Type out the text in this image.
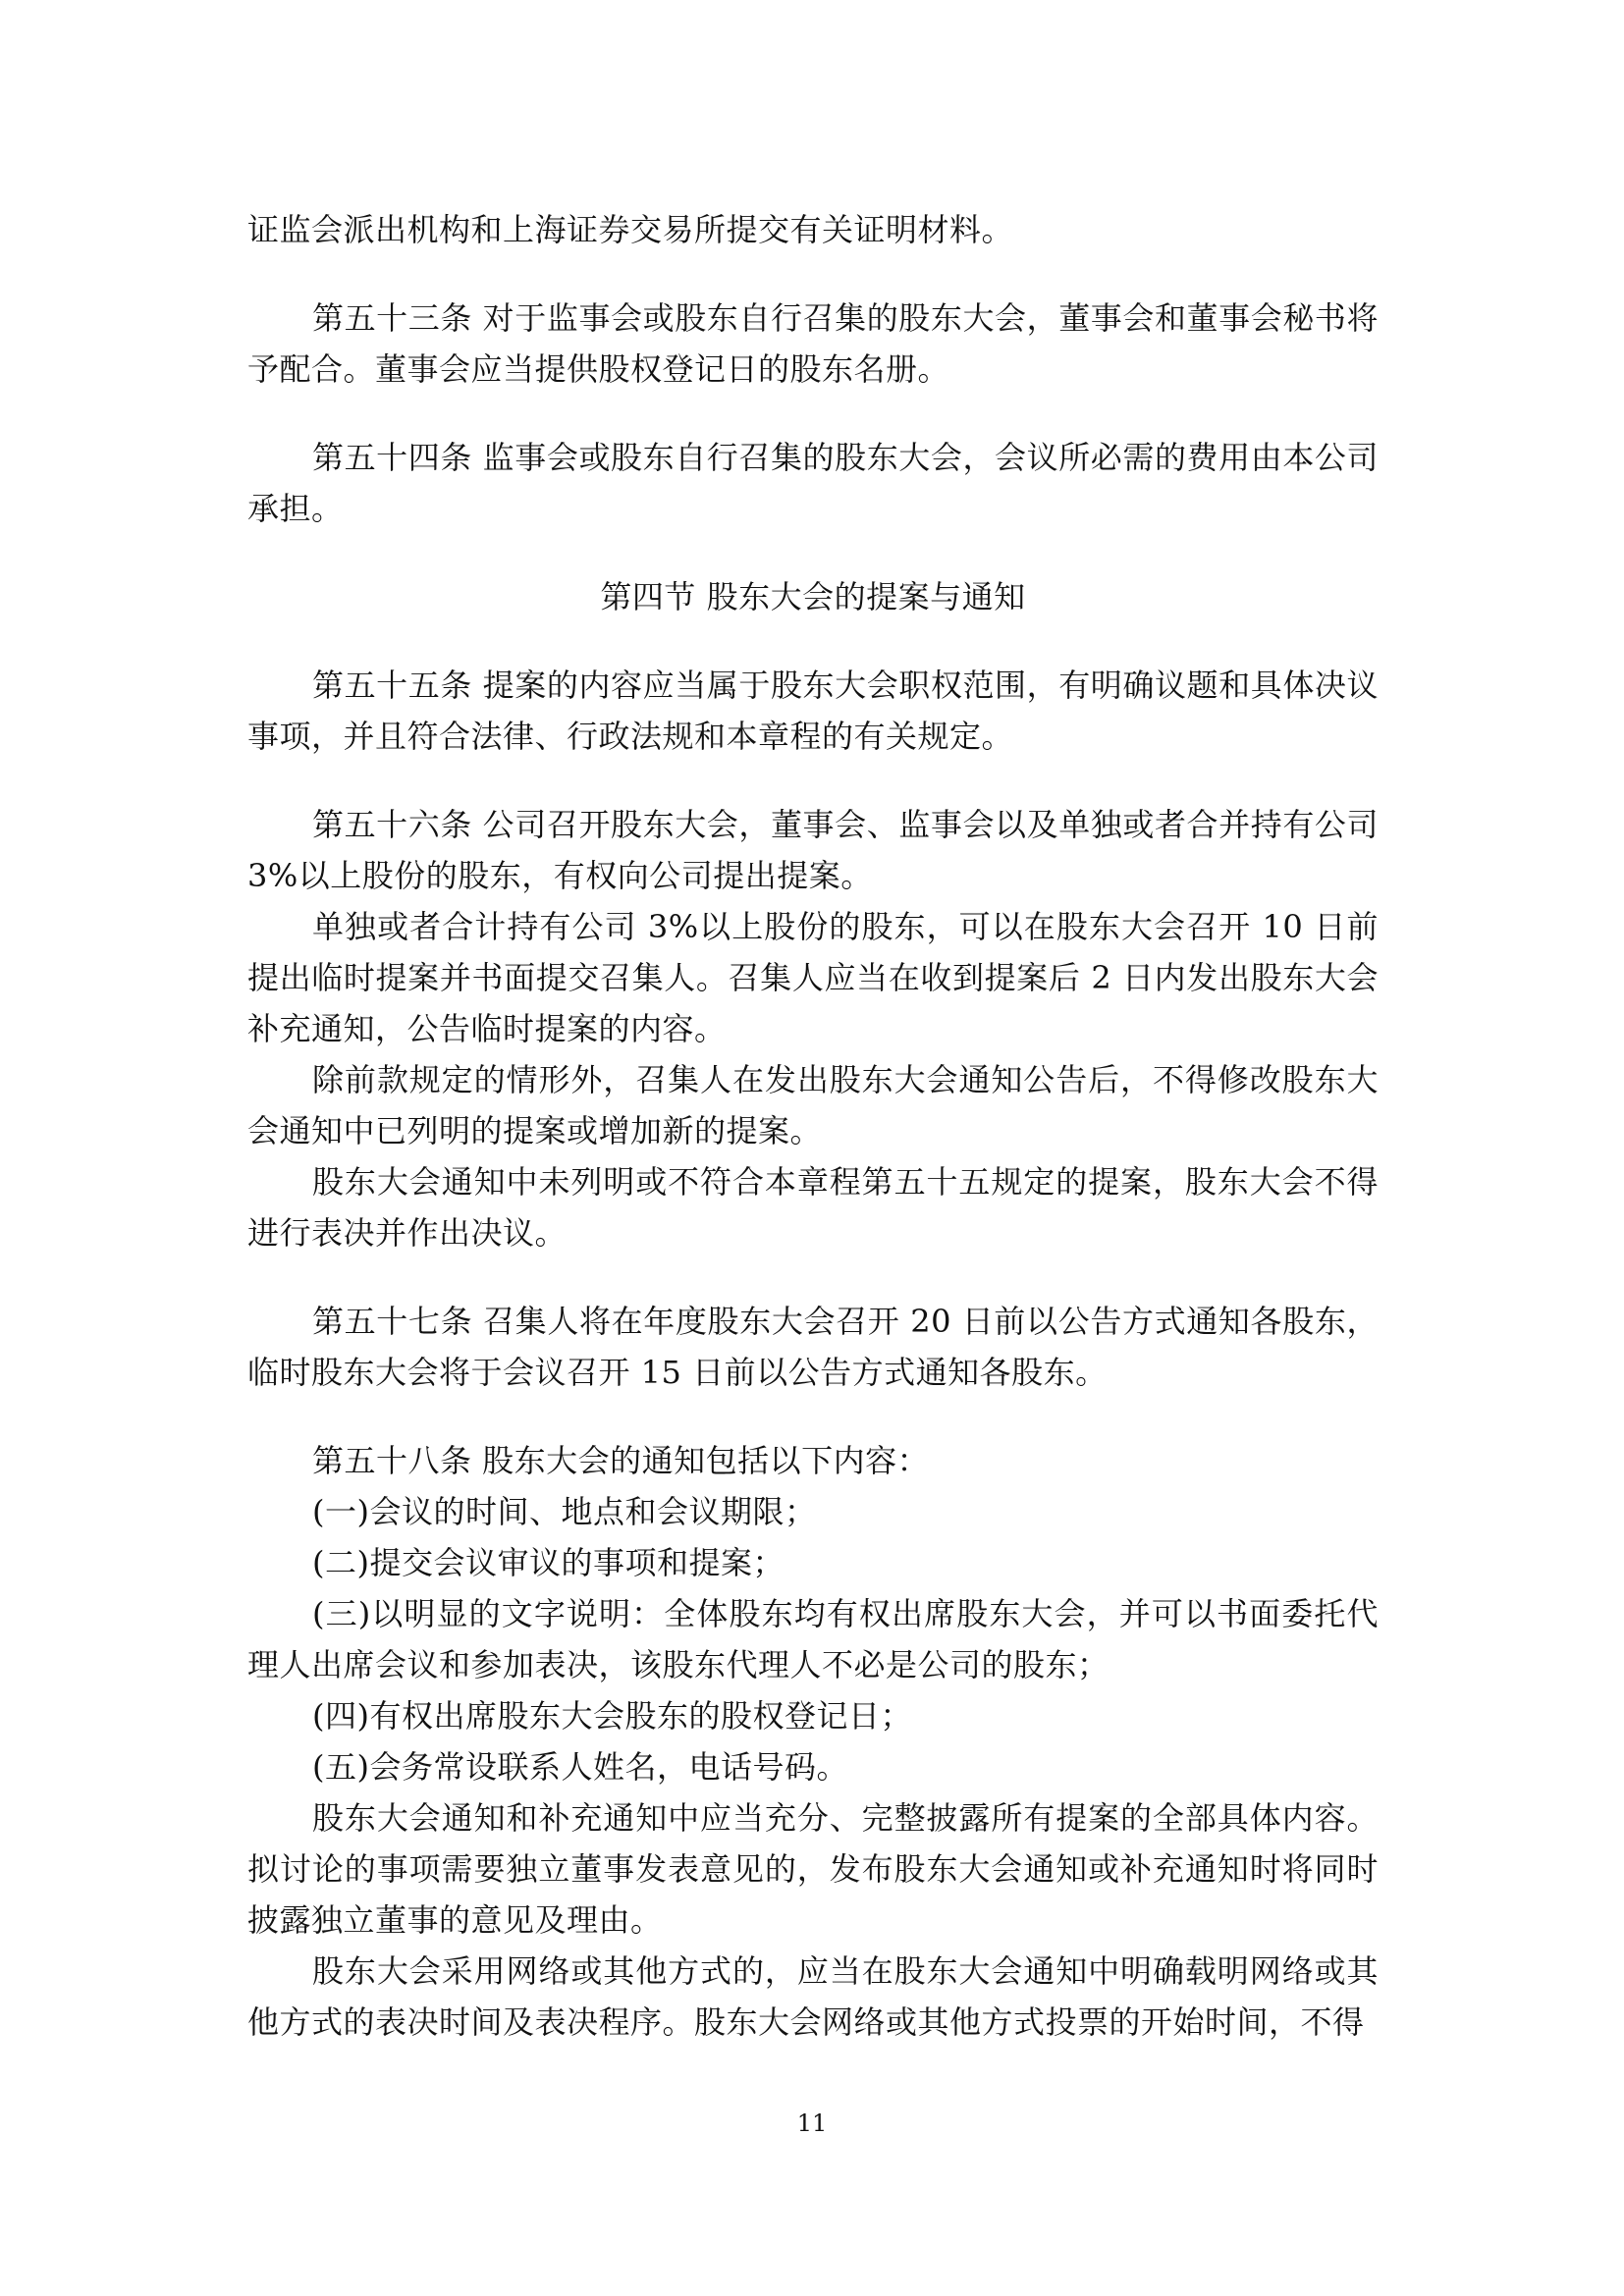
证监会派出机构和上海证券交易所提交有关证明材料。

第五十三条 对于监事会或股东自行召集的股东大会，董事会和董事会秘书将予配合。董事会应当提供股权登记日的股东名册。

第五十四条 监事会或股东自行召集的股东大会，会议所必需的费用由本公司承担。

第四节 股东大会的提案与通知

第五十五条 提案的内容应当属于股东大会职权范围，有明确议题和具体决议事项，并且符合法律、行政法规和本章程的有关规定。

第五十六条 公司召开股东大会，董事会、监事会以及单独或者合并持有公司 3%以上股份的股东，有权向公司提出提案。

单独或者合计持有公司 3%以上股份的股东，可以在股东大会召开 10 日前提出临时提案并书面提交召集人。召集人应当在收到提案后 2 日内发出股东大会补充通知，公告临时提案的内容。

除前款规定的情形外，召集人在发出股东大会通知公告后，不得修改股东大会通知中已列明的提案或增加新的提案。

股东大会通知中未列明或不符合本章程第五十五规定的提案，股东大会不得进行表决并作出决议。

第五十七条 召集人将在年度股东大会召开 20 日前以公告方式通知各股东，临时股东大会将于会议召开 15 日前以公告方式通知各股东。

第五十八条 股东大会的通知包括以下内容：

(一)会议的时间、地点和会议期限；

(二)提交会议审议的事项和提案；

(三)以明显的文字说明：全体股东均有权出席股东大会，并可以书面委托代理人出席会议和参加表决，该股东代理人不必是公司的股东；

(四)有权出席股东大会股东的股权登记日；

(五)会务常设联系人姓名，电话号码。

股东大会通知和补充通知中应当充分、完整披露所有提案的全部具体内容。拟讨论的事项需要独立董事发表意见的，发布股东大会通知或补充通知时将同时披露独立董事的意见及理由。

股东大会采用网络或其他方式的，应当在股东大会通知中明确载明网络或其他方式的表决时间及表决程序。股东大会网络或其他方式投票的开始时间，不得

11
